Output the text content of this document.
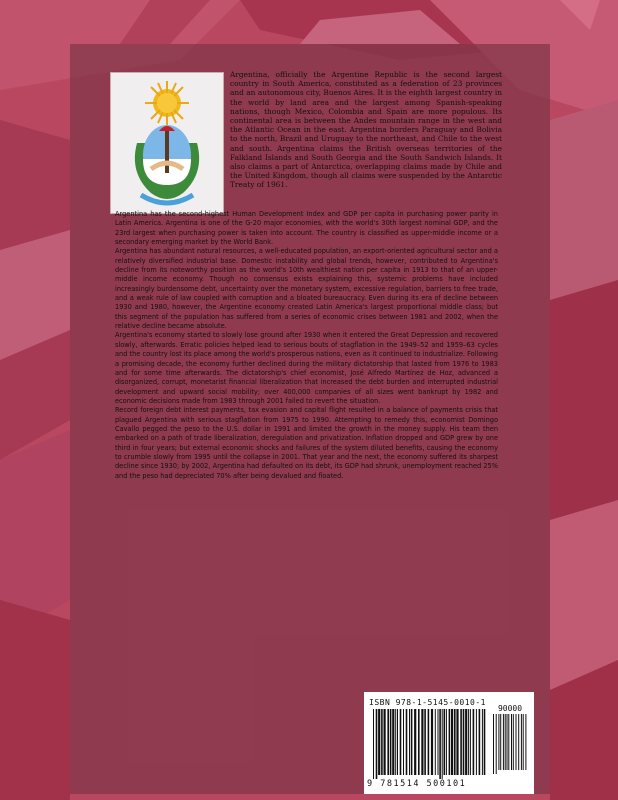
Argentina, officially the Argentine Republic is the second largest country in South America, constituted as a federation of 23 provinces and an autonomous city, Buenos Aires. It is the eighth largest country in the world by land area and the largest among Spanish-speaking nations, though Mexico, Colombia and Spain are more populous. Its continental area is between the Andes mountain range in the west and the Atlantic Ocean in the east. Argentina borders Paraguay and Bolivia to the north, Brazil and Uruguay to the northeast, and Chile to the west and south. Argentina claims the British overseas territories of the Falkland Islands and South Georgia and the South Sandwich Islands. It also claims a part of Antarctica, overlapping claims made by Chile and the United Kingdom, though all claims were suspended by the Antarctic Treaty of 1961.

Argentina has the second-highest Human Development Index and GDP per capita in purchasing power parity in Latin America. Argentina is one of the G-20 major economies, with the world's 30th largest nominal GDP, and the 23rd largest when purchasing power is taken into account. The country is classified as upper-middle income or a secondary emerging market by the World Bank.

Argentina has abundant natural resources, a well-educated population, an export-oriented agricultural sector and a relatively diversified industrial base. Domestic instability and global trends, however, contributed to Argentina's decline from its noteworthy position as the world's 10th wealthiest nation per capita in 1913 to that of an upper-middle income economy. Though no consensus exists explaining this, systemic problems have included increasingly burdensome debt, uncertainty over the monetary system, excessive regulation, barriers to free trade, and a weak rule of law coupled with corruption and a bloated bureaucracy. Even during its era of decline between 1930 and 1980, however, the Argentine economy created Latin America's largest proportional middle class; but this segment of the population has suffered from a series of economic crises between 1981 and 2002, when the relative decline became absolute.

Argentina's economy started to slowly lose ground after 1930 when it entered the Great Depression and recovered slowly, afterwards. Erratic policies helped lead to serious bouts of stagflation in the 1949–52 and 1959–63 cycles and the country lost its place among the world's prosperous nations, even as it continued to industrialize. Following a promising decade, the economy further declined during the military dictatorship that lasted from 1976 to 1983 and for some time afterwards. The dictatorship's chief economist, José Alfredo Martínez de Hoz, advanced a disorganized, corrupt, monetarist financial liberalization that increased the debt burden and interrupted industrial development and upward social mobility; over 400,000 companies of all sizes went bankrupt by 1982 and economic decisions made from 1983 through 2001 failed to revert the situation.

Record foreign debt interest payments, tax evasion and capital flight resulted in a balance of payments crisis that plagued Argentina with serious stagflation from 1975 to 1990. Attempting to remedy this, economist Domingo Cavallo pegged the peso to the U.S. dollar in 1991 and limited the growth in the money supply. His team then embarked on a path of trade liberalization, deregulation and privatization. Inflation dropped and GDP grew by one third in four years; but external economic shocks and failures of the system diluted benefits, causing the economy to crumble slowly from 1995 until the collapse in 2001. That year and the next, the economy suffered its sharpest decline since 1930; by 2002, Argentina had defaulted on its debt, its GDP had shrunk, unemployment reached 25% and the peso had depreciated 70% after being devalued and floated.

ISBN 978-1-5145-0010-1
90000
9 781514 500101
